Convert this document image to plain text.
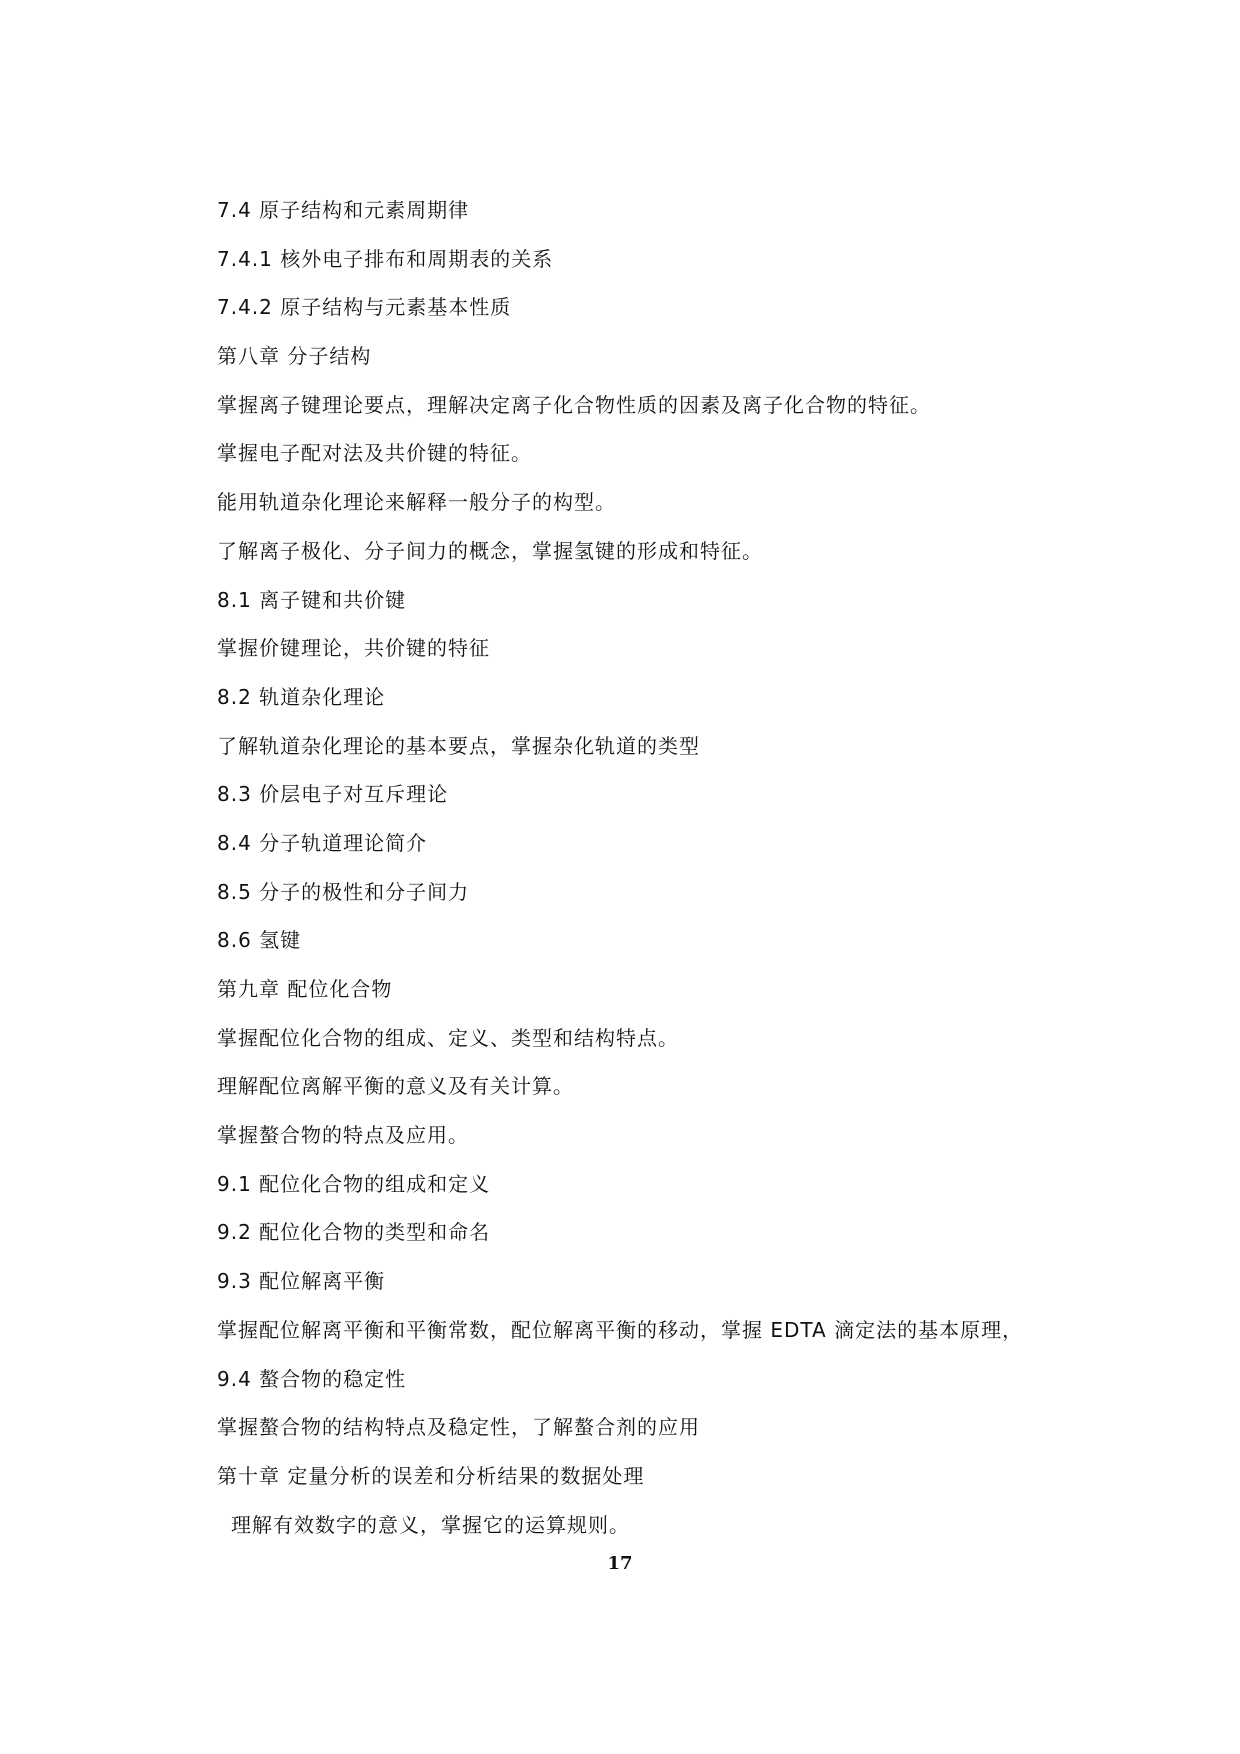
7.4 原子结构和元素周期律
7.4.1 核外电子排布和周期表的关系
7.4.2 原子结构与元素基本性质
第八章 分子结构
掌握离子键理论要点，理解决定离子化合物性质的因素及离子化合物的特征。
掌握电子配对法及共价键的特征。
能用轨道杂化理论来解释一般分子的构型。
了解离子极化、分子间力的概念，掌握氢键的形成和特征。
8.1 离子键和共价键
掌握价键理论，共价键的特征
8.2 轨道杂化理论
了解轨道杂化理论的基本要点，掌握杂化轨道的类型
8.3 价层电子对互斥理论
8.4 分子轨道理论简介
8.5 分子的极性和分子间力
8.6 氢键
第九章 配位化合物
掌握配位化合物的组成、定义、类型和结构特点。
理解配位离解平衡的意义及有关计算。
掌握螯合物的特点及应用。
9.1 配位化合物的组成和定义
9.2 配位化合物的类型和命名
9.3 配位解离平衡
掌握配位解离平衡和平衡常数，配位解离平衡的移动，掌握 EDTA 滴定法的基本原理，
9.4 螯合物的稳定性
掌握螯合物的结构特点及稳定性，了解螯合剂的应用
第十章 定量分析的误差和分析结果的数据处理
理解有效数字的意义，掌握它的运算规则。
17
